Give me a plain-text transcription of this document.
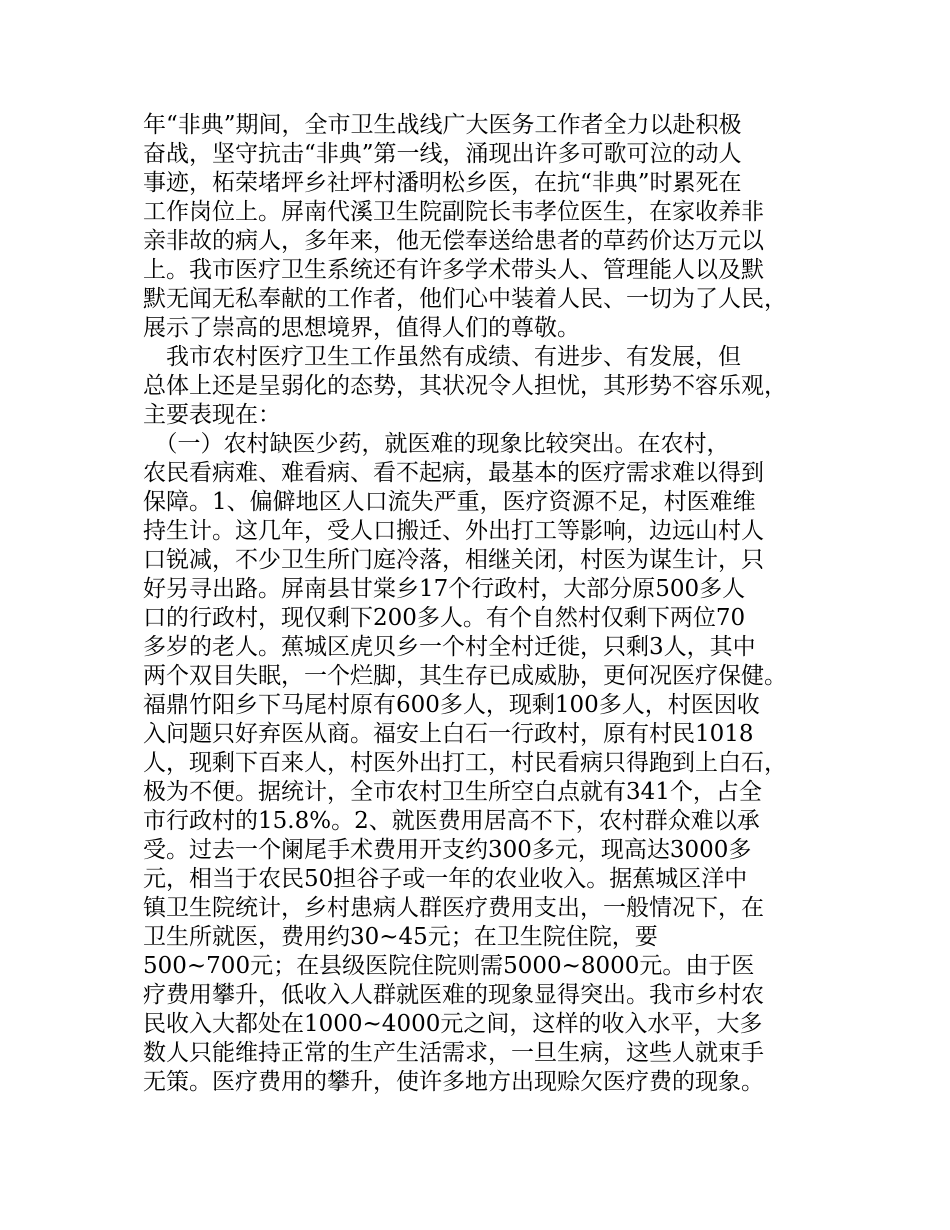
年“非典”期间，全市卫生战线广大医务工作者全力以赴积极
奋战，坚守抗击“非典”第一线，涌现出许多可歌可泣的动人
事迹，柘荣堵坪乡社坪村潘明松乡医，在抗“非典”时累死在
工作岗位上。屏南代溪卫生院副院长韦孝位医生，在家收养非
亲非故的病人，多年来，他无偿奉送给患者的草药价达万元以
上。我市医疗卫生系统还有许多学术带头人、管理能人以及默
默无闻无私奉献的工作者，他们心中装着人民、一切为了人民，
展示了崇高的思想境界，值得人们的尊敬。
　我市农村医疗卫生工作虽然有成绩、有进步、有发展，但
总体上还是呈弱化的态势，其状况令人担忧，其形势不容乐观，
主要表现在：
　（一）农村缺医少药，就医难的现象比较突出。在农村，
农民看病难、难看病、看不起病，最基本的医疗需求难以得到
保障。1、偏僻地区人口流失严重，医疗资源不足，村医难维
持生计。这几年，受人口搬迁、外出打工等影响，边远山村人
口锐减，不少卫生所门庭冷落，相继关闭，村医为谋生计，只
好另寻出路。屏南县甘棠乡17个行政村，大部分原500多人
口的行政村，现仅剩下200多人。有个自然村仅剩下两位70
多岁的老人。蕉城区虎贝乡一个村全村迁徙，只剩3人，其中
两个双目失眠，一个烂脚，其生存已成威胁，更何况医疗保健。
福鼎竹阳乡下马尾村原有600多人，现剩100多人，村医因收
入问题只好弃医从商。福安上白石一行政村，原有村民1018
人，现剩下百来人，村医外出打工，村民看病只得跑到上白石，
极为不便。据统计，全市农村卫生所空白点就有341个，占全
市行政村的15.8%。2、就医费用居高不下，农村群众难以承
受。过去一个阑尾手术费用开支约300多元，现高达3000多
元，相当于农民50担谷子或一年的农业收入。据蕉城区洋中
镇卫生院统计，乡村患病人群医疗费用支出，一般情况下，在
卫生所就医，费用约30~45元；在卫生院住院，要
500~700元；在县级医院住院则需5000~8000元。由于医
疗费用攀升，低收入人群就医难的现象显得突出。我市乡村农
民收入大都处在1000~4000元之间，这样的收入水平，大多
数人只能维持正常的生产生活需求，一旦生病，这些人就束手
无策。医疗费用的攀升，使许多地方出现赊欠医疗费的现象。
